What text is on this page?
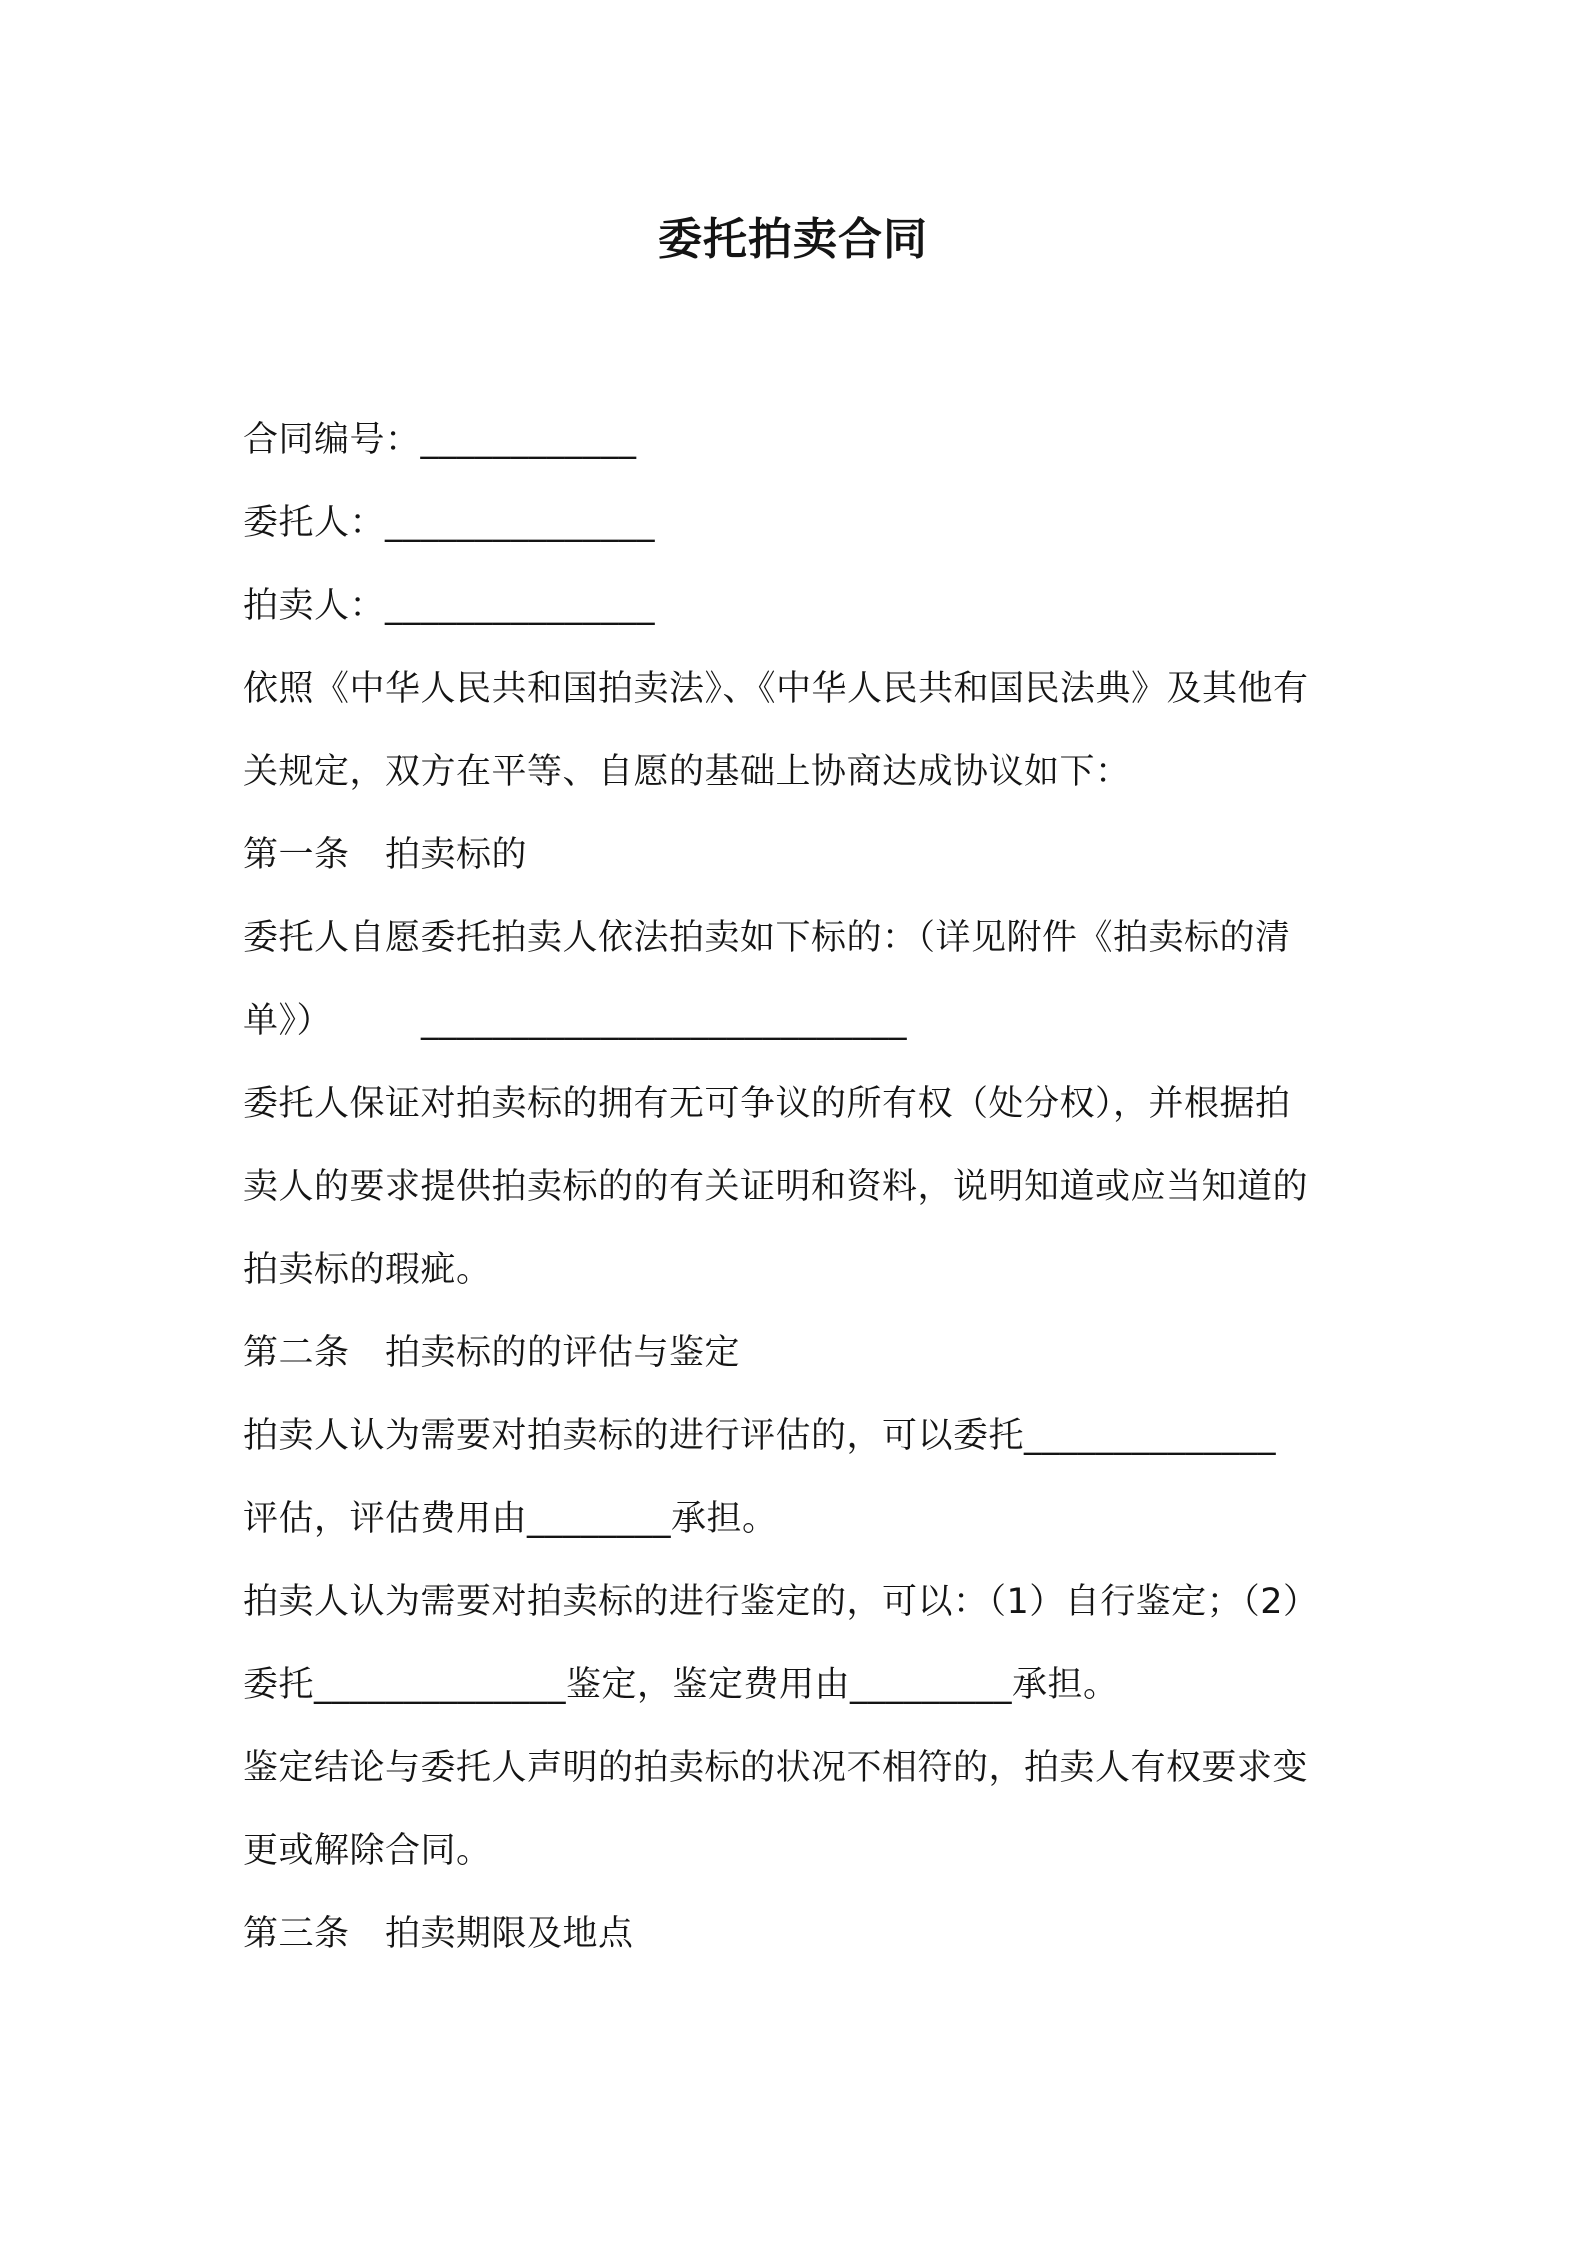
委托拍卖合同
合同编号：____________
委托人：_______________
拍卖人：_______________
依照《中华人民共和国拍卖法》、《中华人民共和国民法典》及其他有
关规定，双方在平等、自愿的基础上协商达成协议如下：
第一条　拍卖标的
委托人自愿委托拍卖人依法拍卖如下标的：（详见附件《拍卖标的清
单》）　　　___________________________
委托人保证对拍卖标的拥有无可争议的所有权（处分权），并根据拍
卖人的要求提供拍卖标的的有关证明和资料，说明知道或应当知道的
拍卖标的瑕疵。
第二条　拍卖标的的评估与鉴定
拍卖人认为需要对拍卖标的进行评估的，可以委托______________
评估，评估费用由________承担。
拍卖人认为需要对拍卖标的进行鉴定的，可以：（1）自行鉴定；（2）
委托______________鉴定，鉴定费用由_________承担。
鉴定结论与委托人声明的拍卖标的状况不相符的，拍卖人有权要求变
更或解除合同。
第三条　拍卖期限及地点
